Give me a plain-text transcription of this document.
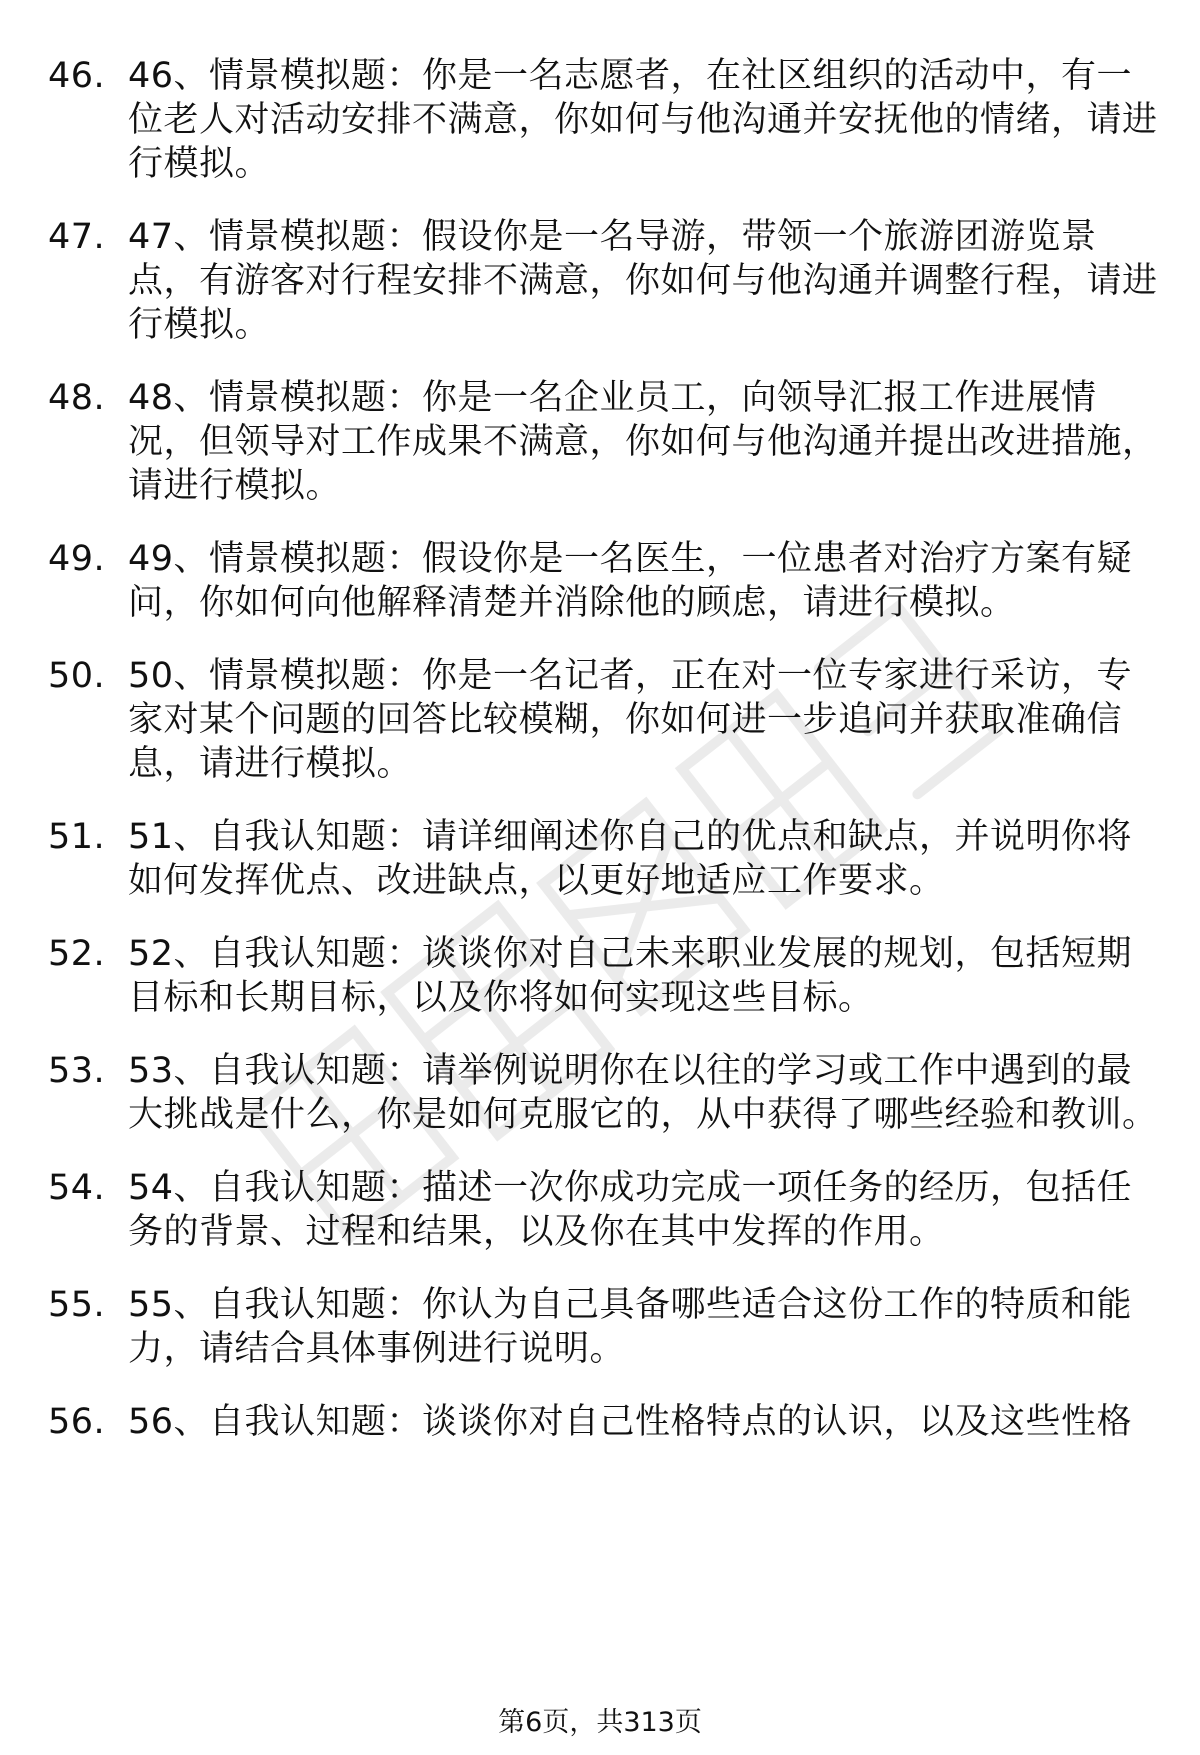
46. 46、情景模拟题：你是一名志愿者，在社区组织的活动中，有一位老人对活动安排不满意，你如何与他沟通并安抚他的情绪，请进行模拟。
47. 47、情景模拟题：假设你是一名导游，带领一个旅游团游览景点，有游客对行程安排不满意，你如何与他沟通并调整行程，请进行模拟。
48. 48、情景模拟题：你是一名企业员工，向领导汇报工作进展情况，但领导对工作成果不满意，你如何与他沟通并提出改进措施，请进行模拟。
49. 49、情景模拟题：假设你是一名医生，一位患者对治疗方案有疑问，你如何向他解释清楚并消除他的顾虑，请进行模拟。
50. 50、情景模拟题：你是一名记者，正在对一位专家进行采访，专家对某个问题的回答比较模糊，你如何进一步追问并获取准确信息，请进行模拟。
51. 51、自我认知题：请详细阐述你自己的优点和缺点，并说明你将如何发挥优点、改进缺点，以更好地适应工作要求。
52. 52、自我认知题：谈谈你对自己未来职业发展的规划，包括短期目标和长期目标，以及你将如何实现这些目标。
53. 53、自我认知题：请举例说明你在以往的学习或工作中遇到的最大挑战是什么，你是如何克服它的，从中获得了哪些经验和教训。
54. 54、自我认知题：描述一次你成功完成一项任务的经历，包括任务的背景、过程和结果，以及你在其中发挥的作用。
55. 55、自我认知题：你认为自己具备哪些适合这份工作的特质和能力，请结合具体事例进行说明。
56. 56、自我认知题：谈谈你对自己性格特点的认识，以及这些性格
第6页，共313页
